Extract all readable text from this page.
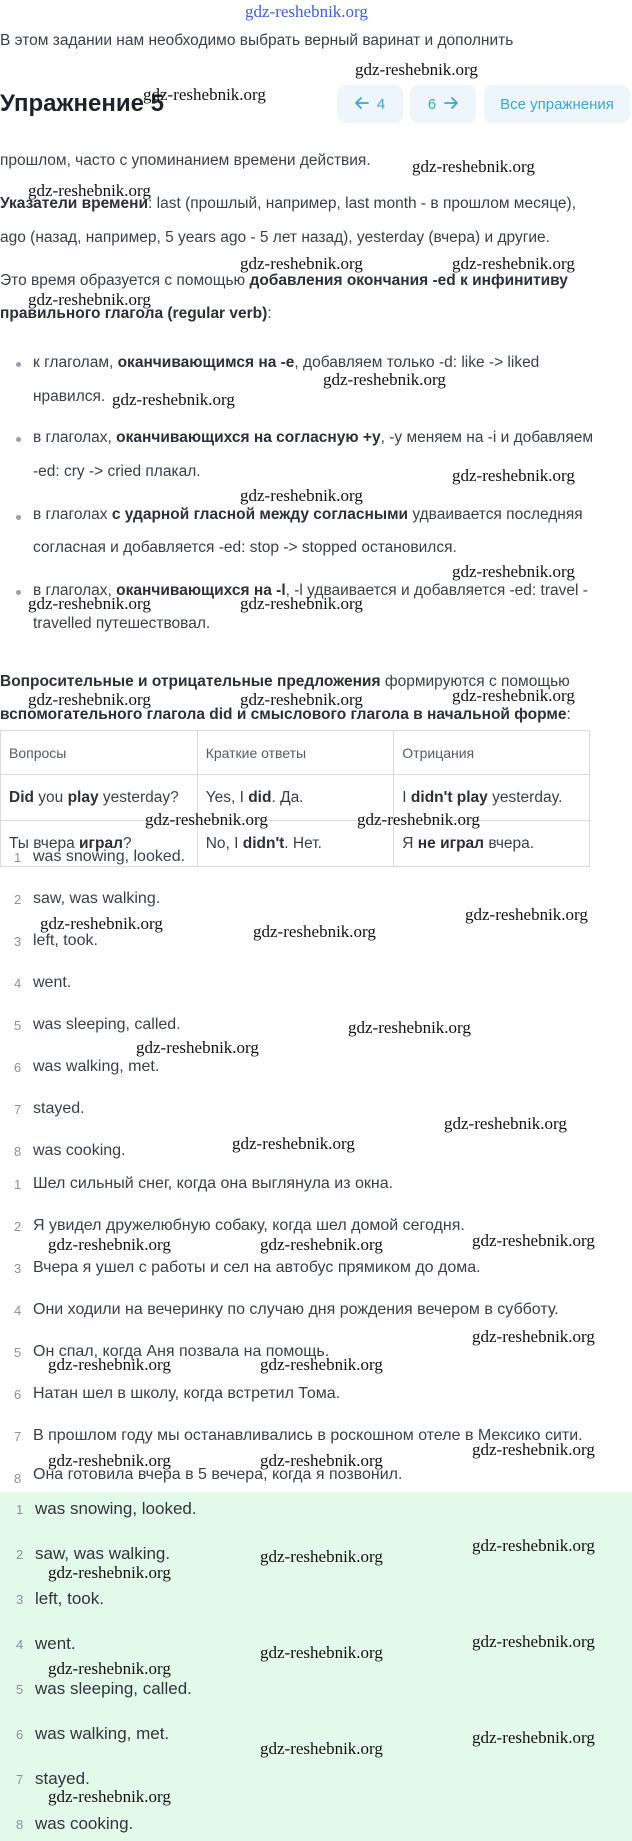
gdz-reshebnik.org
В этом задании нам необходимо выбрать верный варинат и дополнить
Упражнение 5	4	6	Все упражнения
прошлом, часто с упоминанием времени действия.
Указатели времени: last (прошлый, например, last month - в прошлом месяце),
ago (назад, например, 5 years ago - 5 лет назад), yesterday (вчера) и другие.
Это время образуется с помощью добавления окончания -ed к инфинитиву
правильного глагола (regular verb):
к глаголам, оканчивающимся на -e, добавляем только -d: like -> liked
нравился.
в глаголах, оканчивающихся на согласную +y, -y меняем на -i и добавляем
-ed: cry -> cried плакал.
в глаголах с ударной гласной между согласными удваивается последняя
согласная и добавляется -ed: stop -> stopped остановился.
в глаголах, оканчивающихся на -l, -l удваивается и добавляется -ed: travel -
travelled путешествовал.
Вопросительные и отрицательные предложения формируются с помощью
вспомогательного глагола did и смыслового глагола в начальной форме:
Вопросы	Краткие ответы	Отрицания
Did you play yesterday?	Yes, I did. Да.	I didn't play yesterday.
Ты вчера играл?	No, I didn't. Нет.	Я не играл вчера.
1 was snowing, looked.
2 saw, was walking.
3 left, took.
4 went.
5 was sleeping, called.
6 was walking, met.
7 stayed.
8 was cooking.
1 Шел сильный снег, когда она выглянула из окна.
2 Я увидел дружелюбную собаку, когда шел домой сегодня.
3 Вчера я ушел с работы и сел на автобус прямиком до дома.
4 Они ходили на вечеринку по случаю дня рождения вечером в субботу.
5 Он спал, когда Аня позвала на помощь.
6 Натан шел в школу, когда встретил Тома.
7 В прошлом году мы останавливались в роскошном отеле в Мексико сити.
8 Она готовила вчера в 5 вечера, когда я позвонил.
1 was snowing, looked.
2 saw, was walking.
3 left, took.
4 went.
5 was sleeping, called.
6 was walking, met.
7 stayed.
8 was cooking.
gdz-reshebnik.org
gdz-reshebnik.org
gdz-reshebnik.org
gdz-reshebnik.org
gdz-reshebnik.org	gdz-reshebnik.org
gdz-reshebnik.org
gdz-reshebnik.org
gdz-reshebnik.org
gdz-reshebnik.org
gdz-reshebnik.org
gdz-reshebnik.org
gdz-reshebnik.org	gdz-reshebnik.org
gdz-reshebnik.org	gdz-reshebnik.org	gdz-reshebnik.org
gdz-reshebnik.org	gdz-reshebnik.org
gdz-reshebnik.org
gdz-reshebnik.org	gdz-reshebnik.org
gdz-reshebnik.org
gdz-reshebnik.org
gdz-reshebnik.org
gdz-reshebnik.org
gdz-reshebnik.org
gdz-reshebnik.org	gdz-reshebnik.org
gdz-reshebnik.org
gdz-reshebnik.org	gdz-reshebnik.org
gdz-reshebnik.org
gdz-reshebnik.org	gdz-reshebnik.org
gdz-reshebnik.org
gdz-reshebnik.org
gdz-reshebnik.org
gdz-reshebnik.org
gdz-reshebnik.org
gdz-reshebnik.org
gdz-reshebnik.org
gdz-reshebnik.org
gdz-reshebnik.org
